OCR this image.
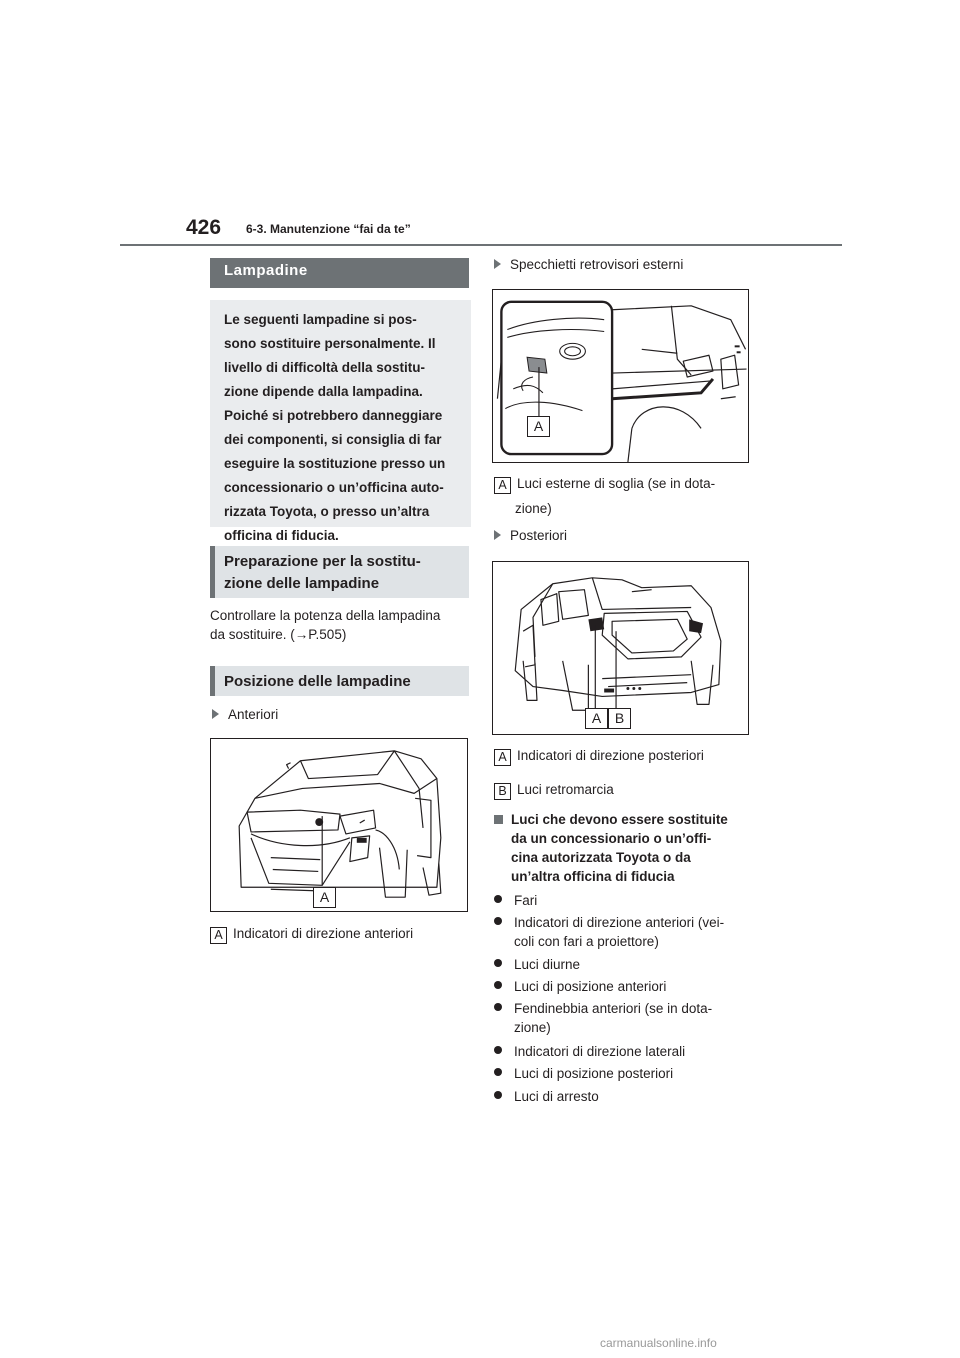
426 6-3. Manutenzione “fai da te”
Lampadine
Le seguenti lampadine si pos-
sono sostituire personalmente. Il
livello di difficoltà della sostitu-
zione dipende dalla lampadina.
Poiché si potrebbero danneggiare
dei componenti, si consiglia di far
eseguire la sostituzione presso un
concessionario o un’officina auto-
rizzata Toyota, o presso un’altra
officina di fiducia.
Preparazione per la sostitu-
zione delle lampadine
Controllare la potenza della lampadina
da sostituire. (→P.505)
Posizione delle lampadine
Anteriori
A
A Indicatori di direzione anteriori
Specchietti retrovisori esterni
A
A Luci esterne di soglia (se in dota-
zione)
Posteriori
A B
A Indicatori di direzione posteriori
B Luci retromarcia
Luci che devono essere sostituite
da un concessionario o un’offi-
cina autorizzata Toyota o da
un’altra officina di fiducia
Fari
Indicatori di direzione anteriori (vei-
coli con fari a proiettore)
Luci diurne
Luci di posizione anteriori
Fendinebbia anteriori (se in dota-
zione)
Indicatori di direzione laterali
Luci di posizione posteriori
Luci di arresto
carmanualsonline.info
